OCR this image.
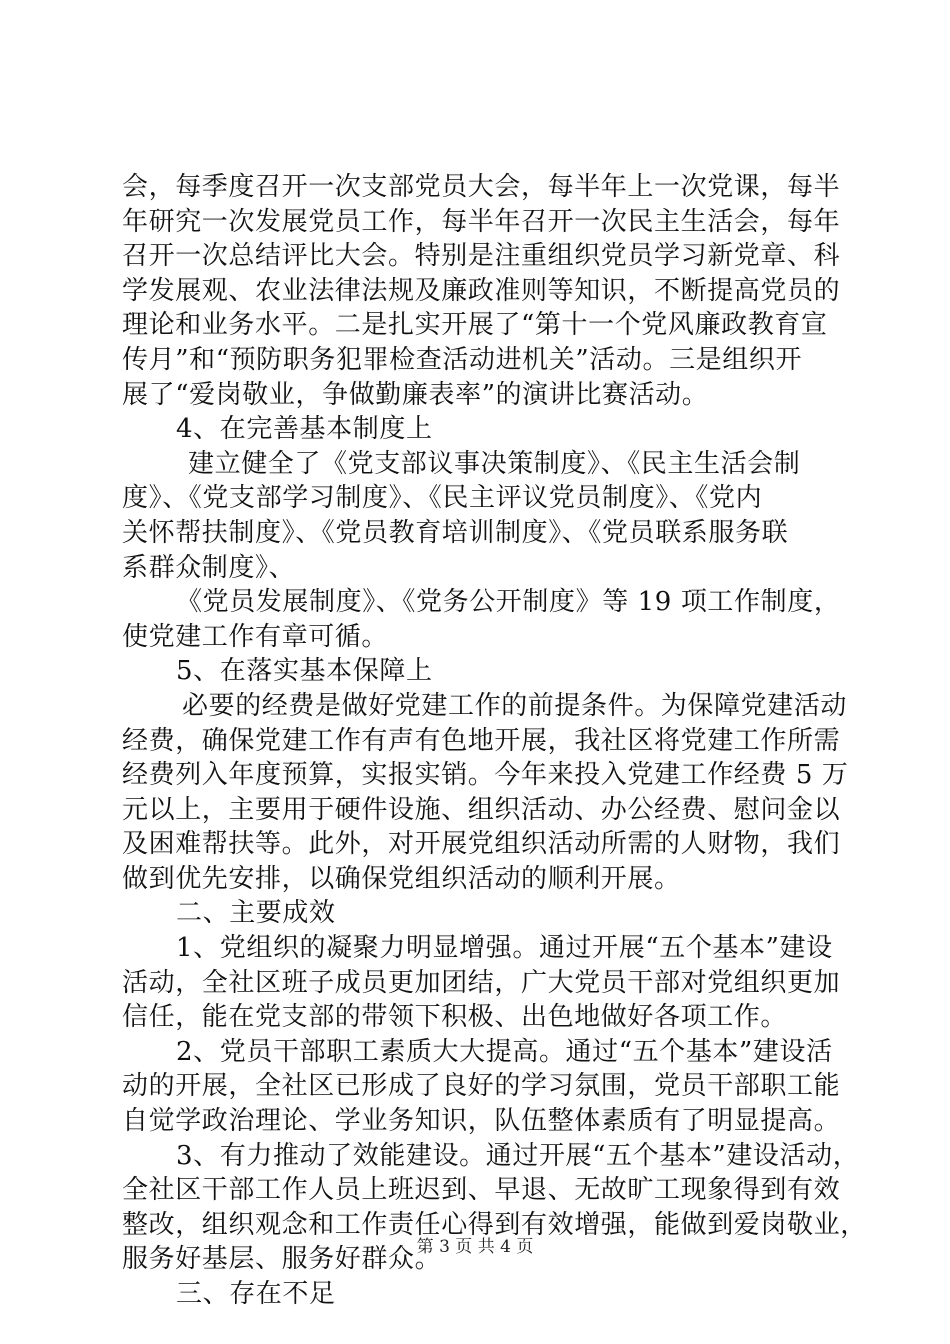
会，每季度召开一次支部党员大会，每半年上一次党课，每半
年研究一次发展党员工作，每半年召开一次民主生活会，每年
召开一次总结评比大会。特别是注重组织党员学习新党章、科
学发展观、农业法律法规及廉政准则等知识，不断提高党员的
理论和业务水平。二是扎实开展了“第十一个党风廉政教育宣
传月”和“预防职务犯罪检查活动进机关”活动。三是组织开
展了“爱岗敬业，争做勤廉表率”的演讲比赛活动。
4、在完善基本制度上
建立健全了《党支部议事决策制度》、《民主生活会制
度》、《党支部学习制度》、《民主评议党员制度》、《党内
关怀帮扶制度》、《党员教育培训制度》、《党员联系服务联
系群众制度》、
《党员发展制度》、《党务公开制度》等 19 项工作制度，
使党建工作有章可循。
5、在落实基本保障上
必要的经费是做好党建工作的前提条件。为保障党建活动
经费，确保党建工作有声有色地开展，我社区将党建工作所需
经费列入年度预算，实报实销。今年来投入党建工作经费 5 万
元以上，主要用于硬件设施、组织活动、办公经费、慰问金以
及困难帮扶等。此外，对开展党组织活动所需的人财物，我们
做到优先安排，以确保党组织活动的顺利开展。
二、主要成效
1、党组织的凝聚力明显增强。通过开展“五个基本”建设
活动，全社区班子成员更加团结，广大党员干部对党组织更加
信任，能在党支部的带领下积极、出色地做好各项工作。
2、党员干部职工素质大大提高。通过“五个基本”建设活
动的开展，全社区已形成了良好的学习氛围，党员干部职工能
自觉学政治理论、学业务知识，队伍整体素质有了明显提高。
3、有力推动了效能建设。通过开展“五个基本”建设活动，
全社区干部工作人员上班迟到、早退、无故旷工现象得到有效
整改，组织观念和工作责任心得到有效增强，能做到爱岗敬业，
服务好基层、服务好群众。
三、存在不足
第 3 页 共 4 页
